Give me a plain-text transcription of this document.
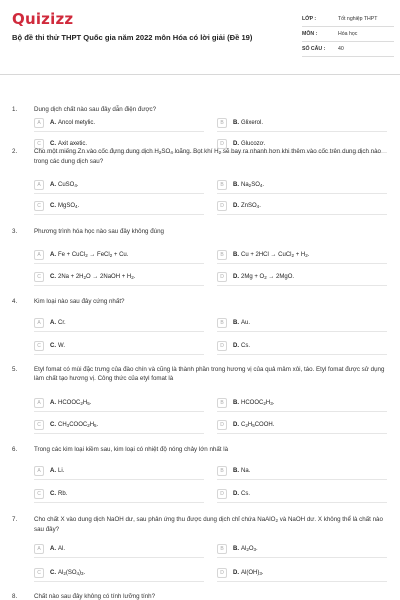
Quizizz
Bộ đề thi thử THPT Quốc gia năm 2022 môn Hóa có lời giải (Đề 19)
LỚP :	Tốt nghiệp THPT
MÔN :	Hóa học
SỐ CÂU : 40
1.	Dung dịch chất nào sau đây dẫn điện được?
A	A. Ancol metylic.	B	B. Glixerol.
C	C. Axit axetic.	D	D. Glucozơ.
2.	Cho một miếng Zn vào cốc đựng dung dịch $H_2SO_4$ loãng. Bọt khí $H_2$ sẽ bay ra nhanh hơn khi thêm vào cốc trên dung dịch nào trong các dung dịch sau?
A	A. CuSO$_4$.	B	B. $Na_2SO_4$.
C	C. MgSO$_4$.	D	D. ZnSO$_4$.
3.	Phương trình hóa học nào sau đây không đúng
A	A. Fe + CuCl$_2$ → FeCl$_2$ + Cu.	B	B. Cu + 2HCl → CuCl$_2$ + $H_2$.
C	C. $2Na + 2H_2O$ → 2NaOH + $H_2$.	D	D. $2Mg + O_2 \to 2MgO$.
4.	Kim loại nào sau đây cứng nhất?
A	A. Cr.	B	B. Au.
C	C. W.	D	D. Cs.
5.	Etyl fomat có mùi đặc trưng của đào chín và cũng là thành phần trong hương vị của quả mâm xôi, táo. Etyl fomat được sử dụng làm chất tạo hương vị. Công thức của etyl fomat là
A	A. $HCOOC_2H_5$.	B	B. $HCOOC_2H_3$.
C	C. $CH_3COOC_2H_5$.	D	D. $C_2H_5COOH$.
6.	Trong các kim loại kiềm sau, kim loại có nhiệt độ nóng chảy lớn nhất là
A	A. Li.	B	B. Na.
C	C. Rb.	D	D. Cs.
7.	Cho chất X vào dung dịch NaOH dư, sau phản ứng thu được dung dịch chỉ chứa NaAlO$_2$ và NaOH dư. X không thể là chất nào sau đây?
A	A. Al.	B	B. $Al_2O_3$.
C	C. $Al_2(SO_4)_3$.	D	D. $Al(OH)_3$.
8.	Chất nào sau đây không có tính lưỡng tính?
